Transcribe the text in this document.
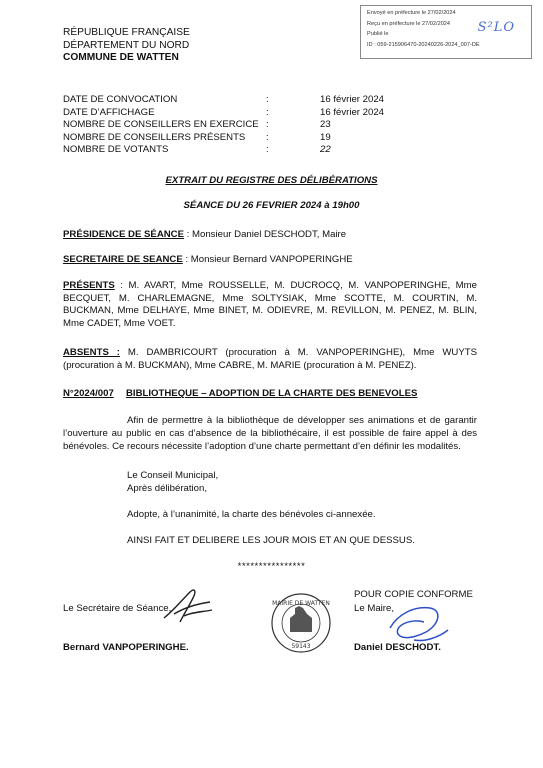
RÉPUBLIQUE FRANÇAISE
DÉPARTEMENT DU NORD
COMMUNE DE WATTEN
Envoyé en préfecture le 27/02/2024
Reçu en préfecture le 27/02/2024
Publié le
ID : 059-215906470-20240226-2024_007-DE
S²LO
DATE DE CONVOCATION	:	16 février 2024
DATE D’AFFICHAGE	:	16 février 2024
NOMBRE DE CONSEILLERS EN EXERCICE :	23
NOMBRE DE CONSEILLERS PRÉSENTS	:	19
NOMBRE DE VOTANTS	:	22
EXTRAIT DU REGISTRE DES DÉLIBÉRATIONS
SÉANCE DU 26 FEVRIER 2024 à 19h00
PRÉSIDENCE DE SÉANCE : Monsieur Daniel DESCHODT, Maire
SECRETAIRE DE SEANCE : Monsieur Bernard VANPOPERINGHE
PRÉSENTS : M. AVART, Mme ROUSSELLE, M. DUCROCQ, M. VANPOPERINGHE, Mme BECQUET, M. CHARLEMAGNE, Mme SOLTYSIAK, Mme SCOTTE, M. COURTIN, M. BUCKMAN, Mme DELHAYE, Mme BINET, M. ODIEVRE, M. REVILLON, M. PENEZ, M. BLIN, Mme CADET, Mme VOET.
ABSENTS : M. DAMBRICOURT (procuration à M. VANPOPERINGHE), Mme WUYTS (procuration à M. BUCKMAN), Mme CABRE, M. MARIE (procuration à M. PENEZ).
N°2024/007 BIBLIOTHEQUE – ADOPTION DE LA CHARTE DES BENEVOLES
Afin de permettre à la bibliothèque de développer ses animations et de garantir l’ouverture au public en cas d’absence de la bibliothécaire, il est possible de faire appel à des bénévoles. Ce recours nécessite l’adoption d’une charte permettant d’en définir les modalités.
Le Conseil Municipal,
Après délibération,
Adopte, à l’unanimité, la charte des bénévoles ci-annexée.
AINSI FAIT ET DELIBERE LES JOUR MOIS ET AN QUE DESSUS.
****************
Le Secrétaire de Séance,
Bernard VANPOPERINGHE.
MAIRIE DE WATTEN
59143
POUR COPIE CONFORME
Le Maire,
Daniel DESCHODT.
